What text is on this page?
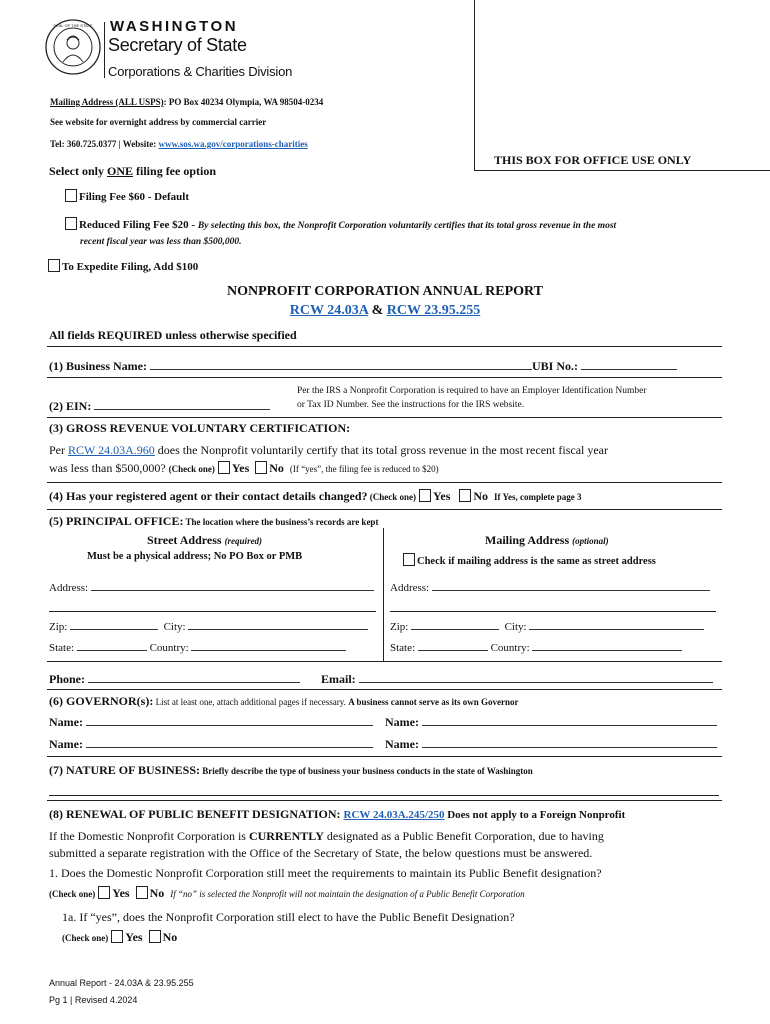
SEAL OF THE STATE WASHINGTON
Secretary of State
Corporations & Charities Division
Mailing Address (ALL USPS): PO Box 40234 Olympia, WA 98504-0234
See website for overnight address by commercial carrier
Tel: 360.725.0377 | Website: www.sos.wa.gov/corporations-charities
THIS BOX FOR OFFICE USE ONLY
Select only ONE filing fee option
Filing Fee $60 - Default
Reduced Filing Fee $20 - By selecting this box, the Nonprofit Corporation voluntarily certifies that its total gross revenue in the most
recent fiscal year was less than $500,000.
To Expedite Filing, Add $100
NONPROFIT CORPORATION ANNUAL REPORT
RCW 24.03A & RCW 23.95.255
All fields REQUIRED unless otherwise specified
(1) Business Name:	UBI No.:
(2) EIN:
Per the IRS a Nonprofit Corporation is required to have an Employer Identification Number
or Tax ID Number. See the instructions for the IRS website.
(3) GROSS REVENUE VOLUNTARY CERTIFICATION:
Per RCW 24.03A.960 does the Nonprofit voluntarily certify that its total gross revenue in the most recent fiscal year
was less than $500,000? (Check one) Yes No (If “yes”, the filing fee is reduced to $20)
(4) Has your registered agent or their contact details changed? (Check one) Yes No If Yes, complete page 3
(5) PRINCIPAL OFFICE: The location where the business’s records are kept
Street Address (required)
Must be a physical address; No PO Box or PMB
Mailing Address (optional)
Check if mailing address is the same as street address
Address:
Zip:	City:
State:	Country:
Address:
Zip:	City:
State:	Country:
Phone:	Email:
(6) GOVERNOR(s): List at least one, attach additional pages if necessary. A business cannot serve as its own Governor
Name:	Name:
Name:	Name:
(7) NATURE OF BUSINESS: Briefly describe the type of business your business conducts in the state of Washington
(8) RENEWAL OF PUBLIC BENEFIT DESIGNATION: RCW 24.03A.245/250 Does not apply to a Foreign Nonprofit
If the Domestic Nonprofit Corporation is CURRENTLY designated as a Public Benefit Corporation, due to having
submitted a separate registration with the Office of the Secretary of State, the below questions must be answered.
1. Does the Domestic Nonprofit Corporation still meet the requirements to maintain its Public Benefit designation?
(Check one) Yes No If “no” is selected the Nonprofit will not maintain the designation of a Public Benefit Corporation
1a. If “yes”, does the Nonprofit Corporation still elect to have the Public Benefit Designation?
(Check one) Yes No
Annual Report - 24.03A & 23.95.255
Pg 1 | Revised 4.2024
